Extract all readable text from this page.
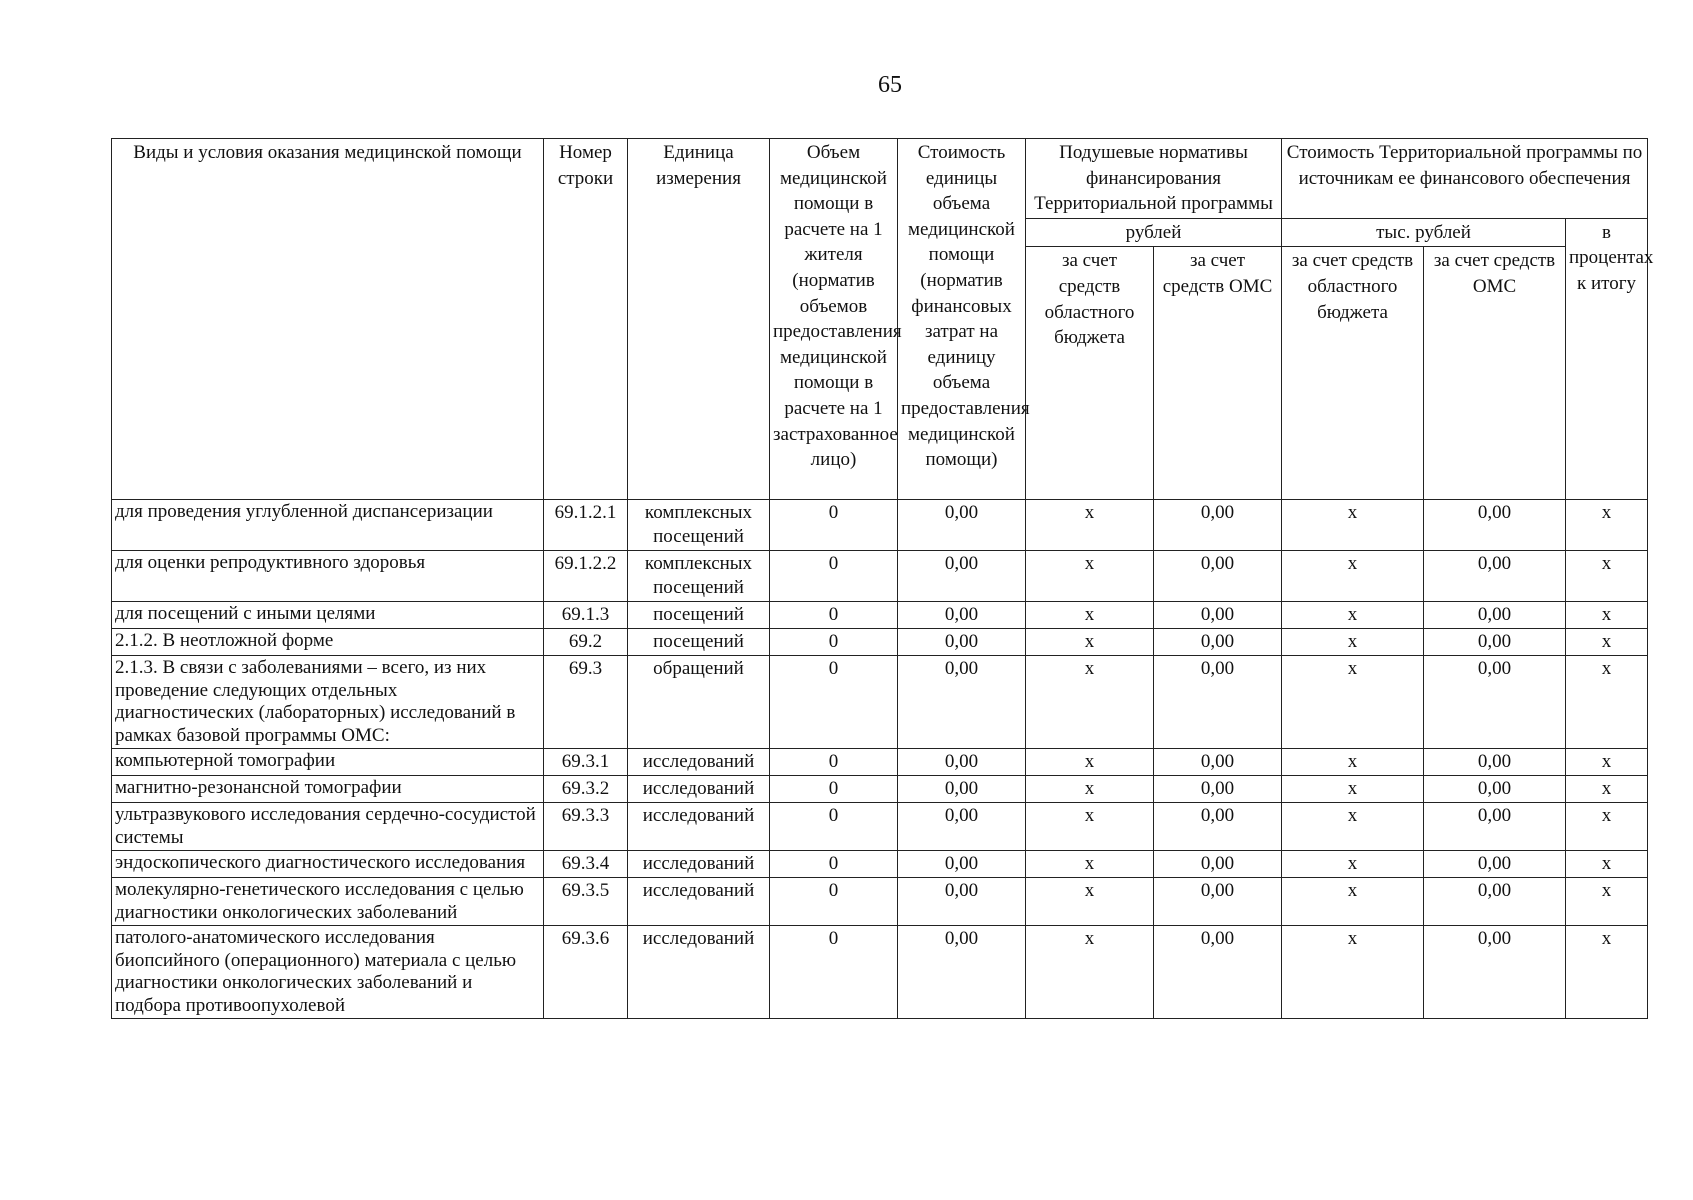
65
Виды и условия оказания медицинской помощи	Номер строки	Единица измерения	Объем медицинской помощи в расчете на 1 жителя (норматив объемов предоставления медицинской помощи в расчете на 1 застрахованное лицо)	Стоимость единицы объема медицинской помощи (норматив финансовых затрат на единицу объема предоставления медицинской помощи)	Подушевые нормативы финансирования Территориальной программы		Стоимость Территориальной программы по источникам ее финансового обеспечения		
					рублей		тыс. рублей		в процентах к итогу
					за счет средств областного бюджета	за счет средств ОМС	за счет средств областного бюджета	за счет средств ОМС	
для проведения углубленной диспансеризации	69.1.2.1	комплексных посещений	0	0,00	x	0,00	x	0,00	x
для оценки репродуктивного здоровья	69.1.2.2	комплексных посещений	0	0,00	x	0,00	x	0,00	x
для посещений с иными целями	69.1.3	посещений	0	0,00	x	0,00	x	0,00	x
2.1.2. В неотложной форме	69.2	посещений	0	0,00	x	0,00	x	0,00	x
2.1.3. В связи с заболеваниями – всего, из них проведение следующих отдельных диагностических (лабораторных) исследований в рамках базовой программы ОМС:	69.3	обращений	0	0,00	x	0,00	x	0,00	x
компьютерной томографии	69.3.1	исследований	0	0,00	x	0,00	x	0,00	x
магнитно-резонансной томографии	69.3.2	исследований	0	0,00	x	0,00	x	0,00	x
ультразвукового исследования сердечно-сосудистой системы	69.3.3	исследований	0	0,00	x	0,00	x	0,00	x
эндоскопического диагностического исследования	69.3.4	исследований	0	0,00	x	0,00	x	0,00	x
молекулярно-генетического исследования с целью диагностики онкологических заболеваний	69.3.5	исследований	0	0,00	x	0,00	x	0,00	x
патолого-анатомического исследования биопсийного (операционного) материала с целью диагностики онкологических заболеваний и подбора противоопухолевой	69.3.6	исследований	0	0,00	x	0,00	x	0,00	x
